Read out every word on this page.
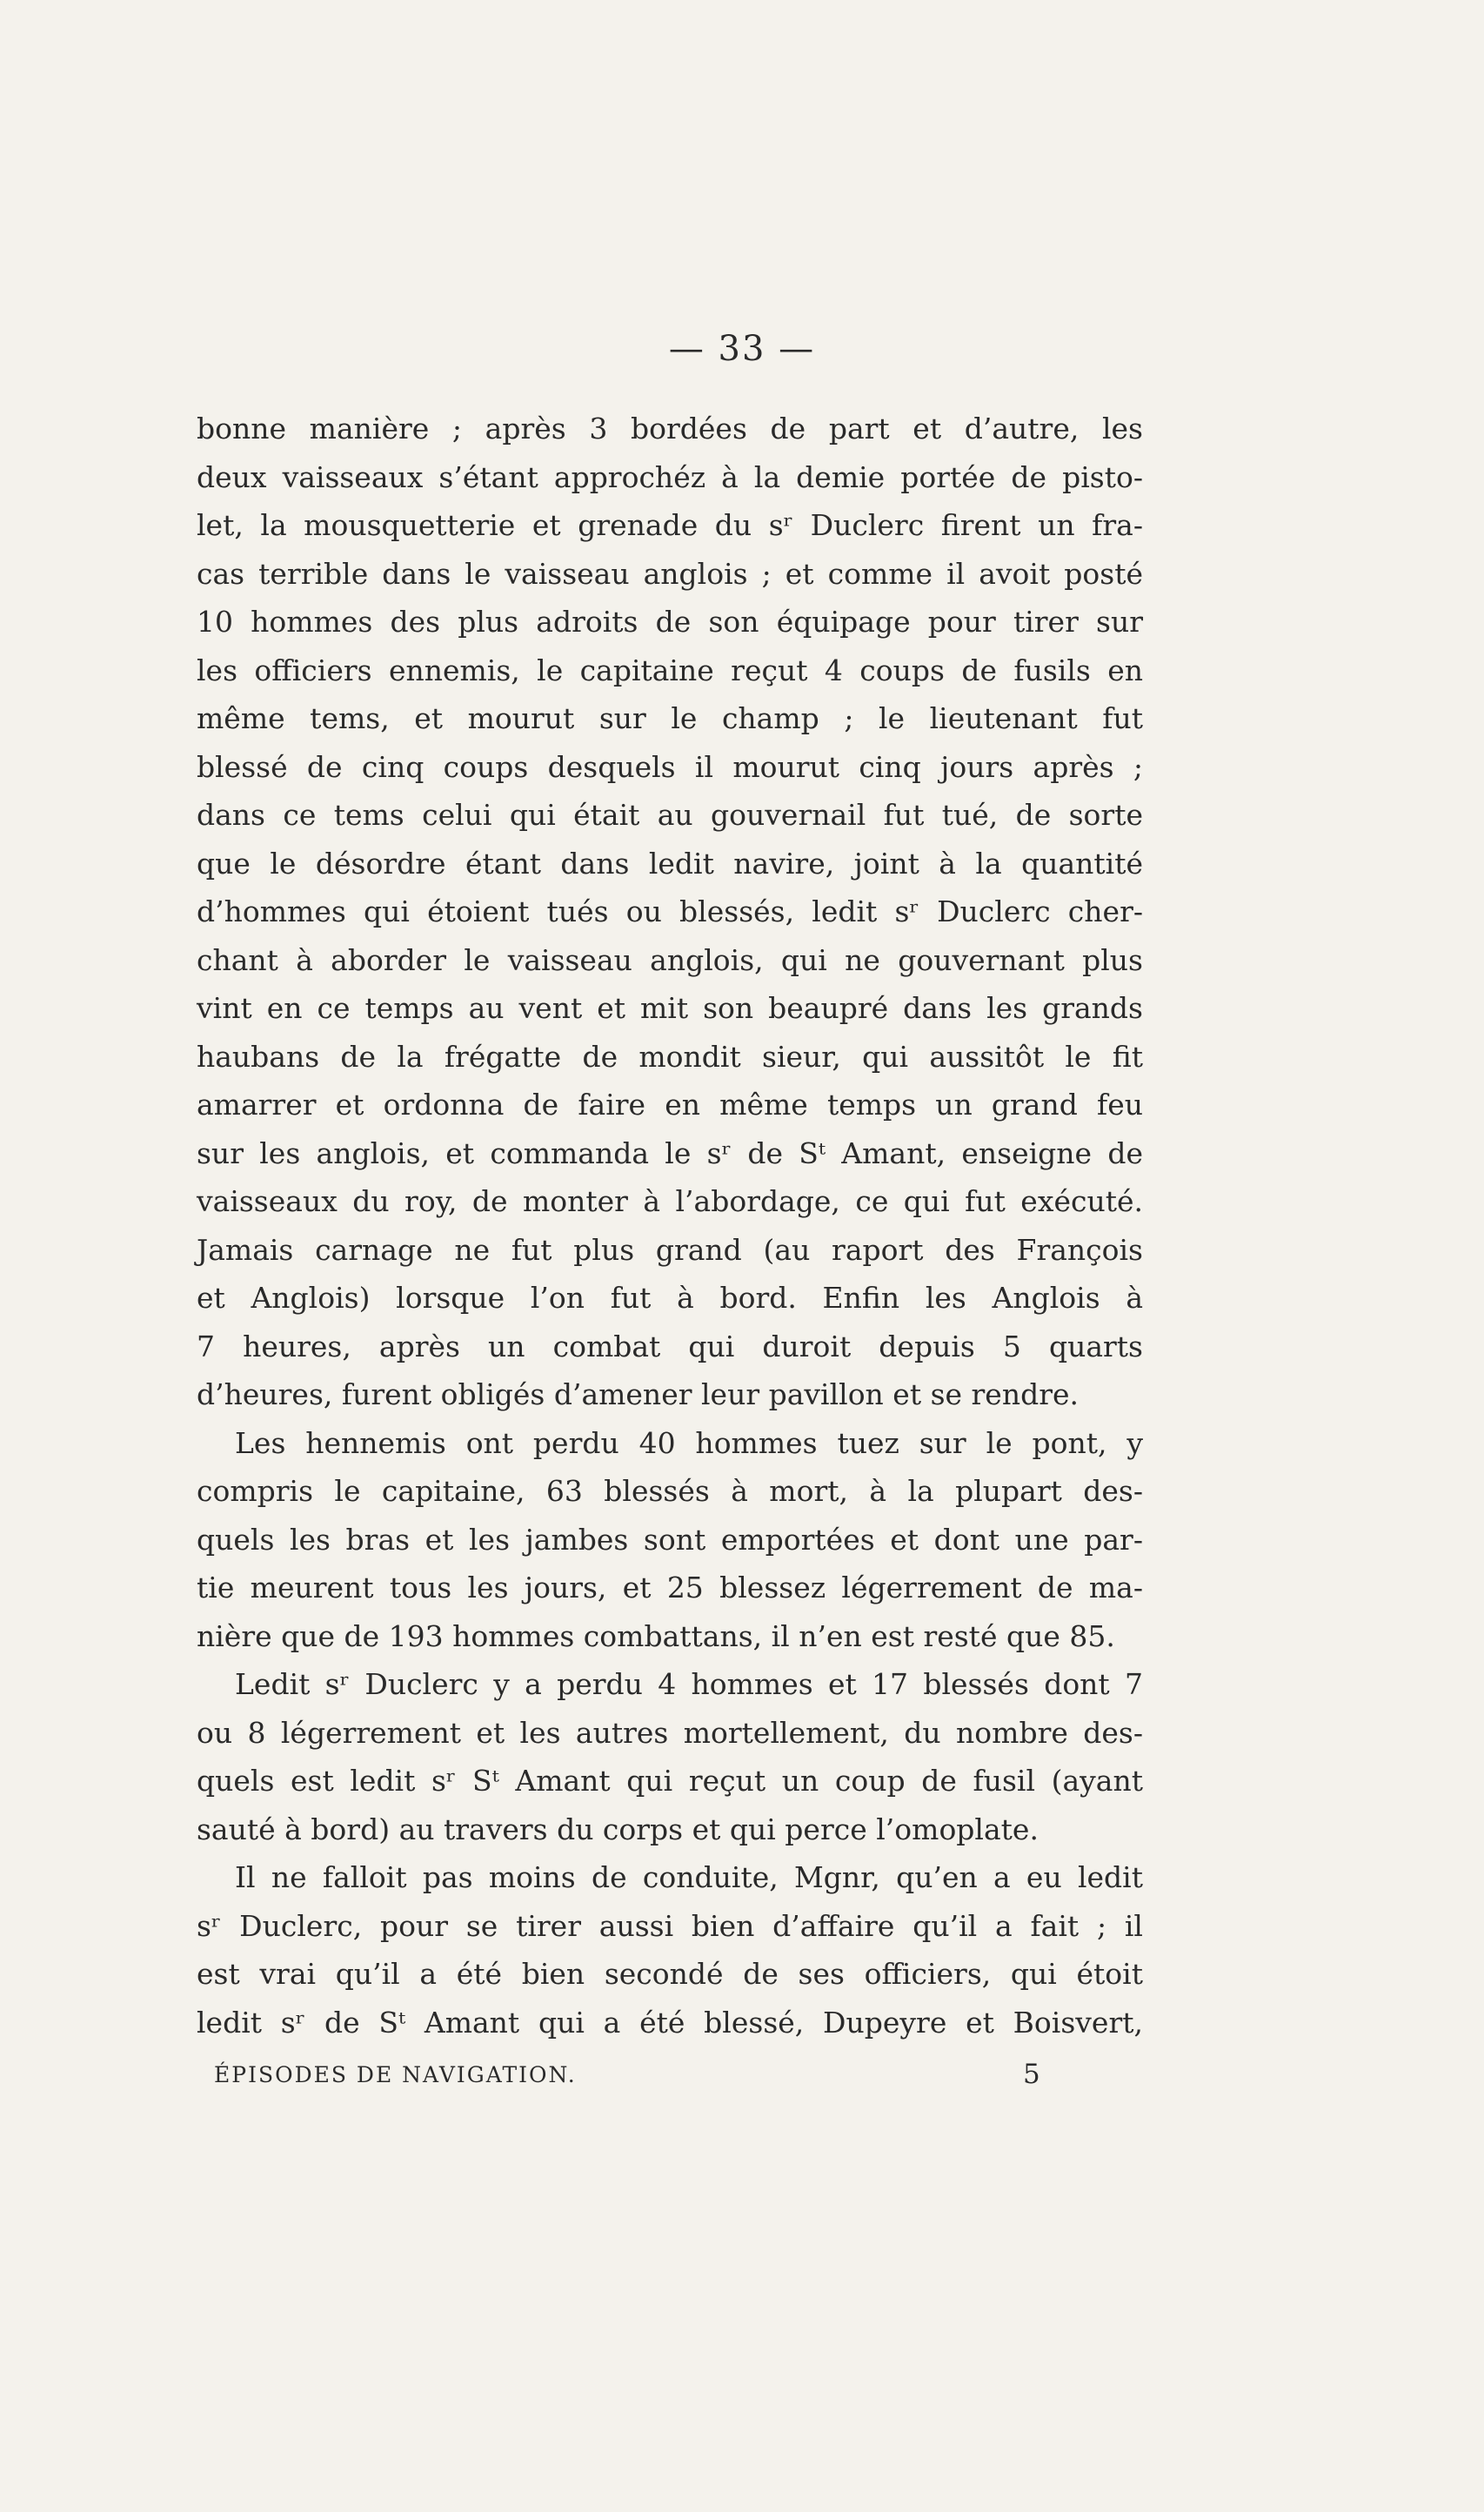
— 33 —
bonne manière ; après 3 bordées de part et d’autre, les
deux vaisseaux s’étant approchéz à la demie portée de pisto-
let, la mousquetterie et grenade du sʳ Duclerc firent un fra-
cas terrible dans le vaisseau anglois ; et comme il avoit posté
10 hommes des plus adroits de son équipage pour tirer sur
les officiers ennemis, le capitaine reçut 4 coups de fusils en
même tems, et mourut sur le champ ; le lieutenant fut
blessé de cinq coups desquels il mourut cinq jours après ;
dans ce tems celui qui était au gouvernail fut tué, de sorte
que le désordre étant dans ledit navire, joint à la quantité
d’hommes qui étoient tués ou blessés, ledit sʳ Duclerc cher-
chant à aborder le vaisseau anglois, qui ne gouvernant plus
vint en ce temps au vent et mit son beaupré dans les grands
haubans de la frégatte de mondit sieur, qui aussitôt le fit
amarrer et ordonna de faire en même temps un grand feu
sur les anglois, et commanda le sʳ de Sᵗ Amant, enseigne de
vaisseaux du roy, de monter à l’abordage, ce qui fut exécuté.
Jamais carnage ne fut plus grand (au raport des François
et Anglois) lorsque l’on fut à bord. Enfin les Anglois à
7 heures, après un combat qui duroit depuis 5 quarts
d’heures, furent obligés d’amener leur pavillon et se rendre.
Les hennemis ont perdu 40 hommes tuez sur le pont, y
compris le capitaine, 63 blessés à mort, à la plupart des-
quels les bras et les jambes sont emportées et dont une par-
tie meurent tous les jours, et 25 blessez légerrement de ma-
nière que de 193 hommes combattans, il n’en est resté que 85.
Ledit sʳ Duclerc y a perdu 4 hommes et 17 blessés dont 7
ou 8 légerrement et les autres mortellement, du nombre des-
quels est ledit sʳ Sᵗ Amant qui reçut un coup de fusil (ayant
sauté à bord) au travers du corps et qui perce l’omoplate.
Il ne falloit pas moins de conduite, Mgnr, qu’en a eu ledit
sʳ Duclerc, pour se tirer aussi bien d’affaire qu’il a fait ; il
est vrai qu’il a été bien secondé de ses officiers, qui étoit
ledit sʳ de Sᵗ Amant qui a été blessé, Dupeyre et Boisvert,
ÉPISODES DE NAVIGATION.	5
